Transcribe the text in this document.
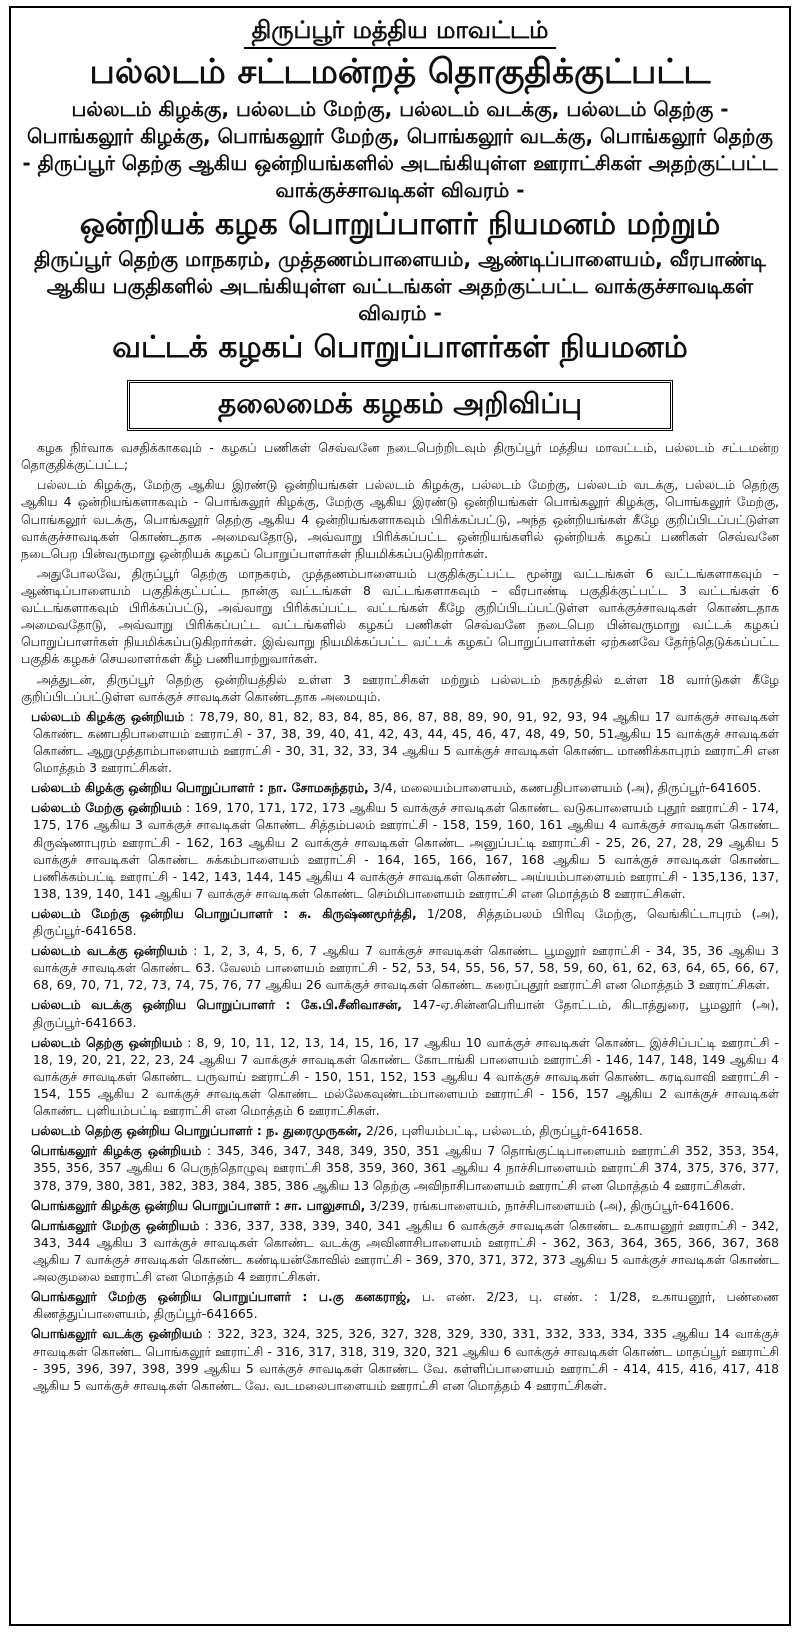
திருப்பூர் மத்திய மாவட்டம்
பல்லடம் சட்டமன்றத் தொகுதிக்குட்பட்ட
பல்லடம் கிழக்கு, பல்லடம் மேற்கு, பல்லடம் வடக்கு, பல்லடம் தெற்கு - பொங்கலூர் கிழக்கு, பொங்கலூர் மேற்கு, பொங்கலூர் வடக்கு, பொங்கலூர் தெற்கு - திருப்பூர் தெற்கு ஆகிய ஒன்றியங்களில் அடங்கியுள்ள ஊராட்சிகள் அதற்குட்பட்ட வாக்குச்சாவடிகள் விவரம் -
ஒன்றியக் கழக பொறுப்பாளர் நியமனம் மற்றும்
திருப்பூர் தெற்கு மாநகரம், முத்தணம்பாளையம், ஆண்டிப்பாளையம், வீரபாண்டி ஆகிய பகுதிகளில் அடங்கியுள்ள வட்டங்கள் அதற்குட்பட்ட வாக்குச்சாவடிகள் விவரம் -
வட்டக் கழகப் பொறுப்பாளர்கள் நியமனம்
தலைமைக் கழகம் அறிவிப்பு

கழக நிர்வாக வசதிக்காகவும் - கழகப் பணிகள் செவ்வனே நடைபெற்றிடவும் திருப்பூர் மத்திய மாவட்டம், பல்லடம் சட்டமன்ற தொகுதிக்குட்பட்ட;

பல்லடம் கிழக்கு, மேற்கு ஆகிய இரண்டு ஒன்றியங்கள் பல்லடம் கிழக்கு, பல்லடம் மேற்கு, பல்லடம் வடக்கு, பல்லடம் தெற்கு ஆகிய 4 ஒன்றியங்களாகவும் - பொங்கலூர் கிழக்கு, மேற்கு ஆகிய இரண்டு ஒன்றியங்கள் பொங்கலூர் கிழக்கு, பொங்கலூர் மேற்கு, பொங்கலூர் வடக்கு, பொங்கலூர் தெற்கு ஆகிய 4 ஒன்றியங்களாகவும் பிரிக்கப்பட்டு, அந்த ஒன்றியங்கள் கீழே குறிப்பிடப்பட்டுள்ள வாக்குச்சாவடிகள் கொண்டதாக அமைவதோடு, அவ்வாறு பிரிக்கப்பட்ட ஒன்றியங்களில் ஒன்றியக் கழகப் பணிகள் செவ்வனே நடைபெற பின்வருமாறு ஒன்றியக் கழகப் பொறுப்பாளர்கள் நியமிக்கப்படுகிறார்கள்.

அதுபோலவே, திருப்பூர் தெற்கு மாநகரம், முத்தணம்பாளையம் பகுதிக்குட்பட்ட மூன்று வட்டங்கள் 6 வட்டங்களாகவும் – ஆண்டிப்பாளையம் பகுதிக்குட்பட்ட நான்கு வட்டங்கள் 8 வட்டங்களாகவும் – வீரபாண்டி பகுதிக்குட்பட்ட 3 வட்டங்கள் 6 வட்டங்களாகவும் பிரிக்கப்பட்டு, அவ்வாறு பிரிக்கப்பட்ட வட்டங்கள் கீழே குறிப்பிடப்பட்டுள்ள வாக்குச்சாவடிகள் கொண்டதாக அமைவதோடு, அவ்வாறு பிரிக்கப்பட்ட வட்டங்களில் கழகப் பணிகள் செவ்வனே நடைபெற பின்வருமாறு வட்டக் கழகப் பொறுப்பாளர்கள் நியமிக்கப்படுகிறார்கள். இவ்வாறு நியமிக்கப்பட்ட வட்டக் கழகப் பொறுப்பாளர்கள் ஏற்கனவே தேர்ந்தெடுக்கப்பட்ட பகுதிக் கழகச் செயலாளர்கள் கீழ் பணியாற்றுவார்கள்.

அத்துடன், திருப்பூர் தெற்கு ஒன்றியத்தில் உள்ள 3 ஊராட்சிகள் மற்றும் பல்லடம் நகரத்தில் உள்ள 18 வார்டுகள் கீழே குறிப்பிடப்பட்டுள்ள வாக்குச் சாவடிகள் கொண்டதாக அமையும்.

பல்லடம் கிழக்கு ஒன்றியம் : 78,79, 80, 81, 82, 83, 84, 85, 86, 87, 88, 89, 90, 91, 92, 93, 94 ஆகிய 17 வாக்குச் சாவடிகள் கொண்ட கணபதிபாளையம் ஊராட்சி - 37, 38, 39, 40, 41, 42, 43, 44, 45, 46, 47, 48, 49, 50, 51ஆகிய 15 வாக்குச் சாவடிகள் கொண்ட ஆறுமுத்தாம்பாளையம் ஊராட்சி - 30, 31, 32, 33, 34 ஆகிய 5 வாக்குச் சாவடிகள் கொண்ட மாணிக்காபுரம் ஊராட்சி என மொத்தம் 3 ஊராட்சிகள்.

பல்லடம் கிழக்கு ஒன்றிய பொறுப்பாளர் : நா. சோமசுந்தரம், 3/4, மலையம்பாளையம், கணபதிபாளையம் (அ), திருப்பூர்-641605.

பல்லடம் மேற்கு ஒன்றியம் : 169, 170, 171, 172, 173 ஆகிய 5 வாக்குச் சாவடிகள் கொண்ட வடுகபாளையம் புதூர் ஊராட்சி - 174, 175, 176 ஆகிய 3 வாக்குச் சாவடிகள் கொண்ட சித்தம்பலம் ஊராட்சி - 158, 159, 160, 161 ஆகிய 4 வாக்குச் சாவடிகள் கொண்ட கிருஷ்ணாபுரம் ஊராட்சி - 162, 163 ஆகிய 2 வாக்குச் சாவடிகள் கொண்ட அனுப்பட்டி ஊராட்சி - 25, 26, 27, 28, 29 ஆகிய 5 வாக்குச் சாவடிகள் கொண்ட சுக்கம்பாளையம் ஊராட்சி - 164, 165, 166, 167, 168 ஆகிய 5 வாக்குச் சாவடிகள் கொண்ட பணிக்கம்பட்டி ஊராட்சி - 142, 143, 144, 145 ஆகிய 4 வாக்குச் சாவடிகள் கொண்ட அய்யம்பாளையம் ஊராட்சி - 135,136, 137, 138, 139, 140, 141 ஆகிய 7 வாக்குச் சாவடிகள் கொண்ட செம்மிபாளையம் ஊராட்சி என மொத்தம் 8 ஊராட்சிகள்.

பல்லடம் மேற்கு ஒன்றிய பொறுப்பாளர் : சு. கிருஷ்ணமூர்த்தி, 1/208, சித்தம்பலம் பிரிவு மேற்கு, வெங்கிட்டாபுரம் (அ), திருப்பூர்-641658.

பல்லடம் வடக்கு ஒன்றியம் : 1, 2, 3, 4, 5, 6, 7 ஆகிய 7 வாக்குச் சாவடிகள் கொண்ட பூமலூர் ஊராட்சி - 34, 35, 36 ஆகிய 3 வாக்குச் சாவடிகள் கொண்ட 63. வேலம் பாளையம் ஊராட்சி - 52, 53, 54, 55, 56, 57, 58, 59, 60, 61, 62, 63, 64, 65, 66, 67, 68, 69, 70, 71, 72, 73, 74, 75, 76, 77 ஆகிய 26 வாக்குச் சாவடிகள் கொண்ட கரைப்புதூர் ஊராட்சி என மொத்தம் 3 ஊராட்சிகள்.

பல்லடம் வடக்கு ஒன்றிய பொறுப்பாளர் : கே.பி.சீனிவாசன், 147-ஏ.சின்னபெரியான் தோட்டம், கிடாத்துரை, பூமலூர் (அ), திருப்பூர்-641663.

பல்லடம் தெற்கு ஒன்றியம் : 8, 9, 10, 11, 12, 13, 14, 15, 16, 17 ஆகிய 10 வாக்குச் சாவடிகள் கொண்ட இச்சிப்பட்டி ஊராட்சி - 18, 19, 20, 21, 22, 23, 24 ஆகிய 7 வாக்குச் சாவடிகள் கொண்ட கோடாங்கி பாளையம் ஊராட்சி - 146, 147, 148, 149 ஆகிய 4 வாக்குச் சாவடிகள் கொண்ட பருவாய் ஊராட்சி - 150, 151, 152, 153 ஆகிய 4 வாக்குச் சாவடிகள் கொண்ட கரடிவாவி ஊராட்சி - 154, 155 ஆகிய 2 வாக்குச் சாவடிகள் கொண்ட மல்லேகவுண்டம்பாளையம் ஊராட்சி - 156, 157 ஆகிய 2 வாக்குச் சாவடிகள் கொண்ட புளியம்பட்டி ஊராட்சி என மொத்தம் 6 ஊராட்சிகள்.

பல்லடம் தெற்கு ஒன்றிய பொறுப்பாளர் : ந. துரைமுருகன், 2/26, புளியம்பட்டி, பல்லடம், திருப்பூர்-641658.

பொங்கலூர் கிழக்கு ஒன்றியம் : 345, 346, 347, 348, 349, 350, 351 ஆகிய 7 தொங்குட்டிபாளையம் ஊராட்சி 352, 353, 354, 355, 356, 357 ஆகிய 6 பெருந்தொழுவு ஊராட்சி 358, 359, 360, 361 ஆகிய 4 நாச்சிபாளையம் ஊராட்சி 374, 375, 376, 377, 378, 379, 380, 381, 382, 383, 384, 385, 386 ஆகிய 13 தெற்கு அவிநாசிபாளையம் ஊராட்சி என மொத்தம் 4 ஊராட்சிகள்.

பொங்கலூர் கிழக்கு ஒன்றிய பொறுப்பாளர் : சா. பாலுசாமி, 3/239, ரங்கபாளையம், நாச்சிபாளையம் (அ), திருப்பூர்-641606.

பொங்கலூர் மேற்கு ஒன்றியம் : 336, 337, 338, 339, 340, 341 ஆகிய 6 வாக்குச் சாவடிகள் கொண்ட உகாயனூர் ஊராட்சி - 342, 343, 344 ஆகிய 3 வாக்குச் சாவடிகள் கொண்ட வடக்கு அவினாசிபாளையம் ஊராட்சி - 362, 363, 364, 365, 366, 367, 368 ஆகிய 7 வாக்குச் சாவடிகள் கொண்ட கண்டியன்கோவில் ஊராட்சி - 369, 370, 371, 372, 373 ஆகிய 5 வாக்குச் சாவடிகள் கொண்ட அலகுமலை ஊராட்சி என மொத்தம் 4 ஊராட்சிகள்.

பொங்கலூர் மேற்கு ஒன்றிய பொறுப்பாளர் : ப.கு கனகராஜ், ப. எண். 2/23, பு. எண். : 1/28, உகாயனூர், பண்ணை கிணத்துப்பாளையம், திருப்பூர்-641665.

பொங்கலூர் வடக்கு ஒன்றியம் : 322, 323, 324, 325, 326, 327, 328, 329, 330, 331, 332, 333, 334, 335 ஆகிய 14 வாக்குச் சாவடிகள் கொண்ட பொங்கலூர் ஊராட்சி - 316, 317, 318, 319, 320, 321 ஆகிய 6 வாக்குச் சாவடிகள் கொண்ட மாதப்பூர் ஊராட்சி - 395, 396, 397, 398, 399 ஆகிய 5 வாக்குச் சாவடிகள் கொண்ட வே. கள்ளிப்பாளையம் ஊராட்சி - 414, 415, 416, 417, 418 ஆகிய 5 வாக்குச் சாவடிகள் கொண்ட வே. வடமலைபாளையம் ஊராட்சி என மொத்தம் 4 ஊராட்சிகள்.
